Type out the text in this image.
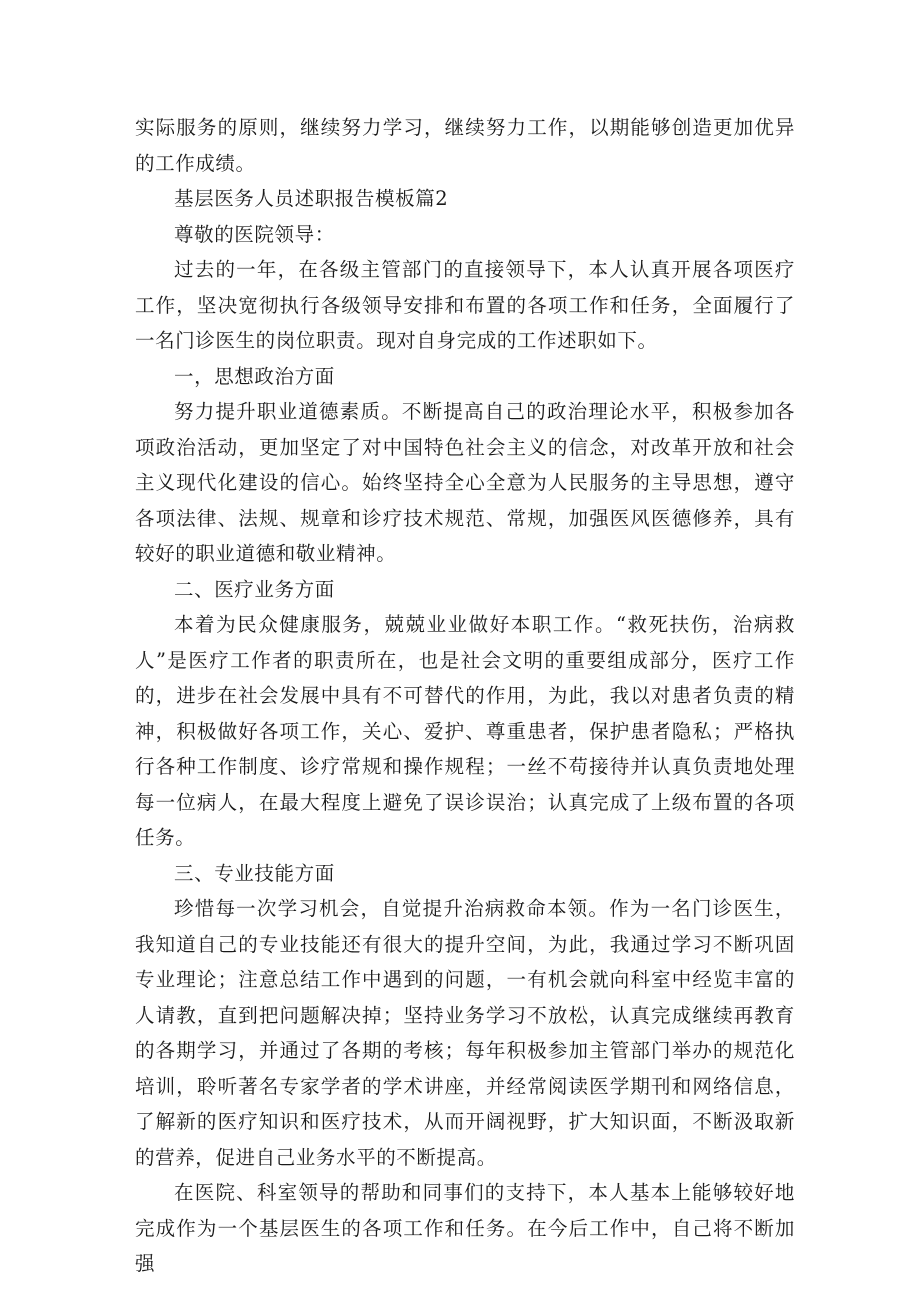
实际服务的原则，继续努力学习，继续努力工作，以期能够创造更加优异的工作成绩。

基层医务人员述职报告模板篇2

尊敬的医院领导：

过去的一年，在各级主管部门的直接领导下，本人认真开展各项医疗工作，坚决宽彻执行各级领导安排和布置的各项工作和任务，全面履行了一名门诊医生的岗位职责。现对自身完成的工作述职如下。

一，思想政治方面

努力提升职业道德素质。不断提高自己的政治理论水平，积极参加各项政治活动，更加坚定了对中国特色社会主义的信念，对改革开放和社会主义现代化建设的信心。始终坚持全心全意为人民服务的主导思想，遵守各项法律、法规、规章和诊疗技术规范、常规，加强医风医德修养，具有较好的职业道德和敬业精神。

二、医疗业务方面

本着为民众健康服务，兢兢业业做好本职工作。“救死扶伤，治病救人”是医疗工作者的职责所在，也是社会文明的重要组成部分，医疗工作的，进步在社会发展中具有不可替代的作用，为此，我以对患者负责的精神，积极做好各项工作，关心、爱护、尊重患者，保护患者隐私；严格执行各种工作制度、诊疗常规和操作规程；一丝不苟接待并认真负责地处理每一位病人，在最大程度上避免了误诊误治；认真完成了上级布置的各项任务。

三、专业技能方面

珍惜每一次学习机会，自觉提升治病救命本领。作为一名门诊医生，我知道自己的专业技能还有很大的提升空间，为此，我通过学习不断巩固专业理论；注意总结工作中遇到的问题，一有机会就向科室中经览丰富的人请教，直到把问题解决掉；坚持业务学习不放松，认真完成继续再教育的各期学习，并通过了各期的考核；每年积极参加主管部门举办的规范化培训，聆听著名专家学者的学术讲座，并经常阅读医学期刊和网络信息，了解新的医疗知识和医疗技术，从而开阔视野，扩大知识面，不断汲取新的营养，促进自己业务水平的不断提高。

在医院、科室领导的帮助和同事们的支持下，本人基本上能够较好地完成作为一个基层医生的各项工作和任务。在今后工作中，自己将不断加强
